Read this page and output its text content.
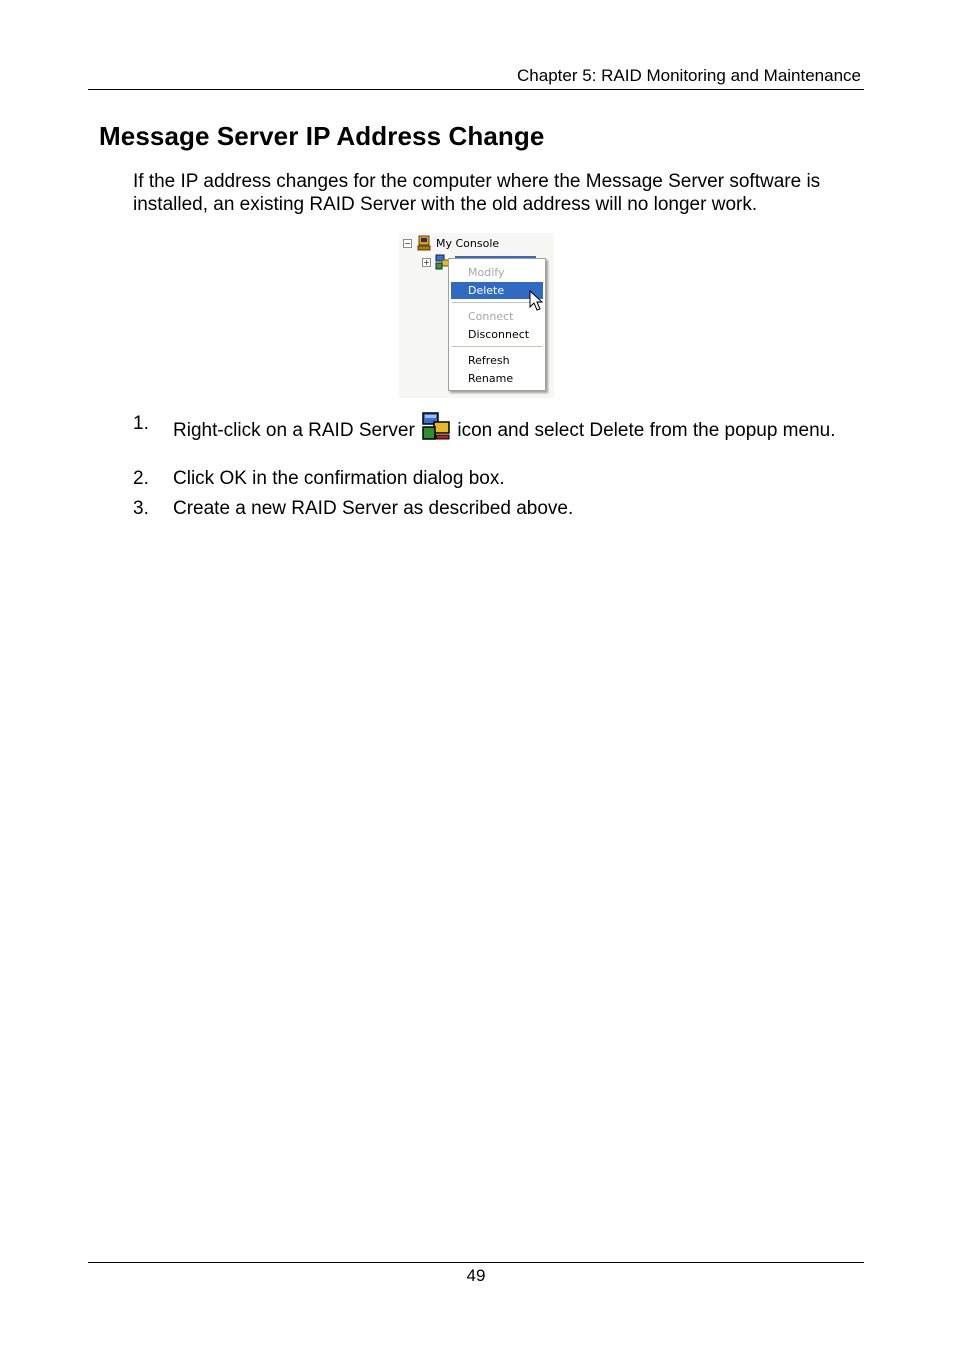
Chapter 5: RAID Monitoring and Maintenance
Message Server IP Address Change

If the IP address changes for the computer where the Message Server software is installed, an existing RAID Server with the old address will no longer work.

− My Console
+
Modify
Delete
Connect
Disconnect
Refresh
Rename
1. Right-click on a RAID Server icon and select Delete from the popup menu.
2. Click OK in the confirmation dialog box.
3. Create a new RAID Server as described above.
49
